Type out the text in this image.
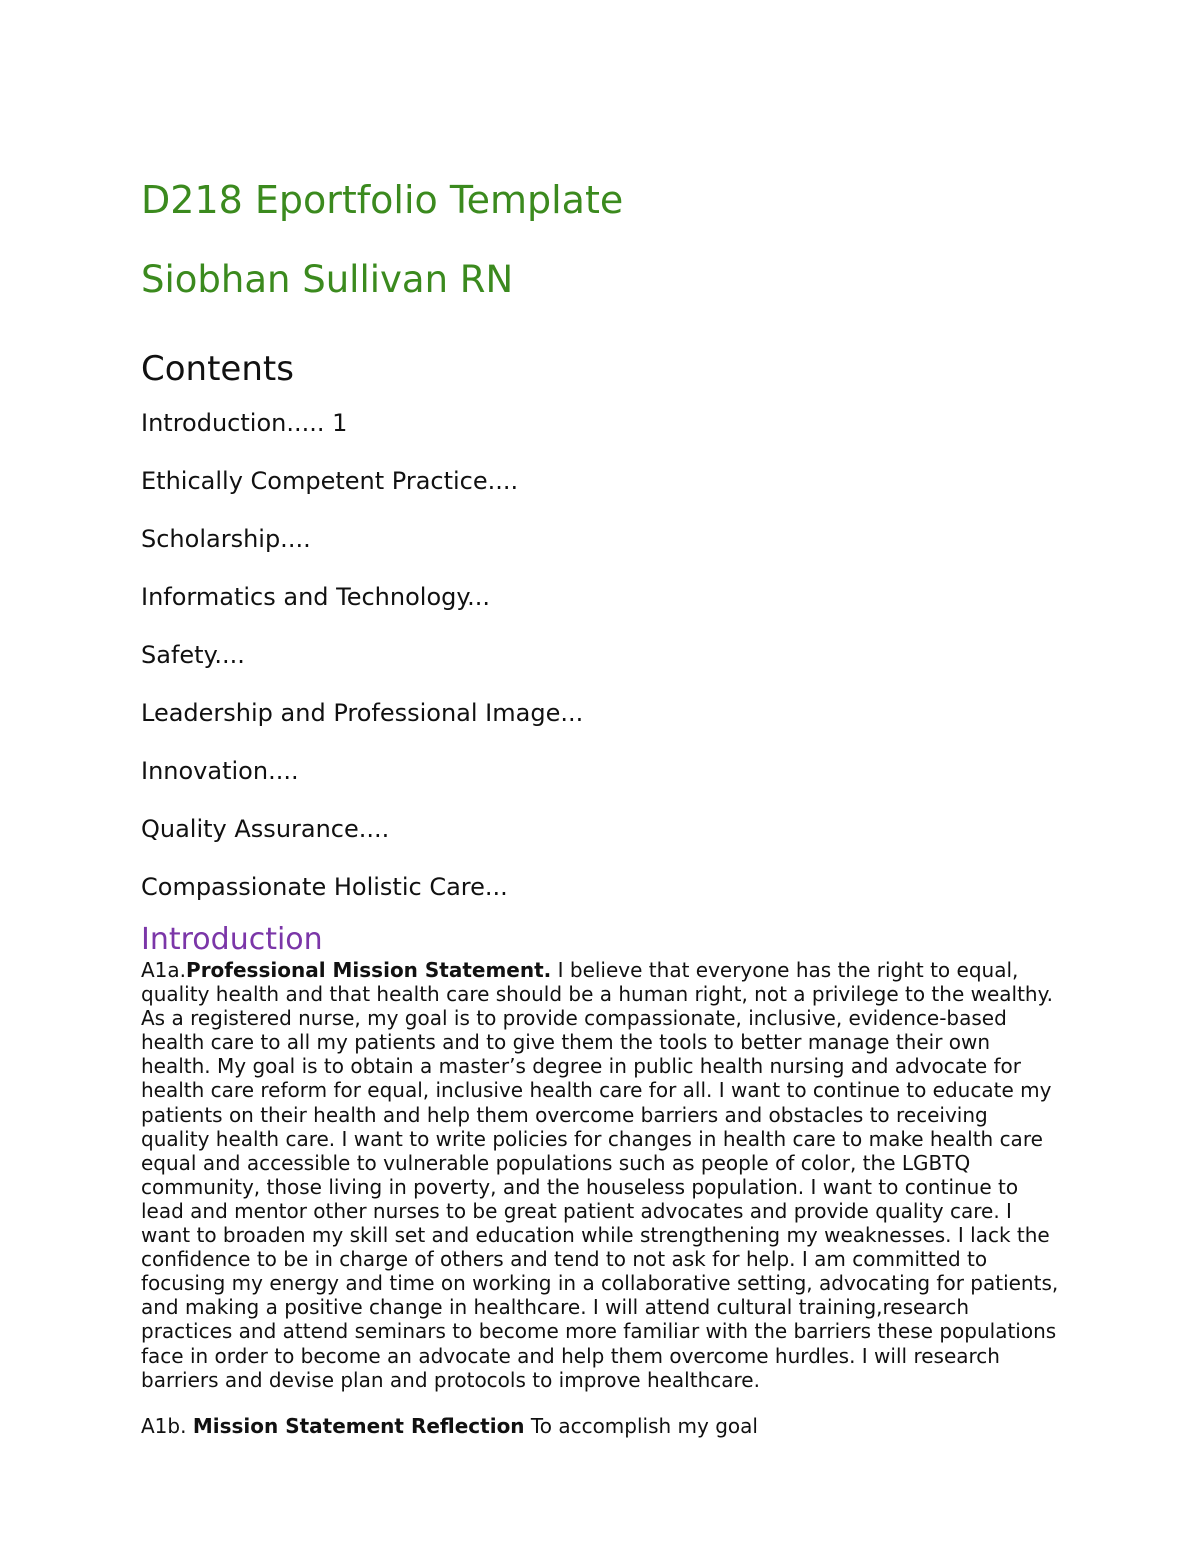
D218 Eportfolio Template
Siobhan Sullivan RN
Contents
Introduction..... 1
Ethically Competent Practice....
Scholarship....
Informatics and Technology...
Safety....
Leadership and Professional Image...
Innovation....
Quality Assurance....
Compassionate Holistic Care...
Introduction

A1a.Professional Mission Statement. I believe that everyone has the right to equal, quality health and that health care should be a human right, not a privilege to the wealthy. As a registered nurse, my goal is to provide compassionate, inclusive, evidence-based health care to all my patients and to give them the tools to better manage their own health. My goal is to obtain a master’s degree in public health nursing and advocate for health care reform for equal, inclusive health care for all. I want to continue to educate my patients on their health and help them overcome barriers and obstacles to receiving quality health care. I want to write policies for changes in health care to make health care equal and accessible to vulnerable populations such as people of color, the LGBTQ community, those living in poverty, and the houseless population. I want to continue to lead and mentor other nurses to be great patient advocates and provide quality care. I want to broaden my skill set and education while strengthening my weaknesses. I lack the confidence to be in charge of others and tend to not ask for help. I am committed to focusing my energy and time on working in a collaborative setting, advocating for patients, and making a positive change in healthcare. I will attend cultural training,research practices and attend seminars to become more familiar with the barriers these populations face in order to become an advocate and help them overcome hurdles. I will research barriers and devise plan and protocols to improve healthcare.

A1b. Mission Statement Reflection To accomplish my goal
